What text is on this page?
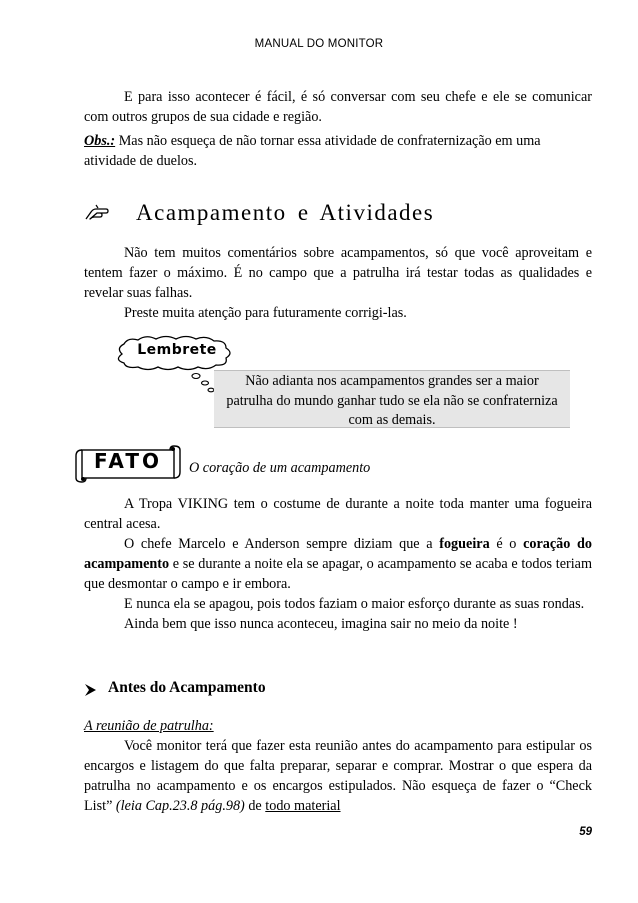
MANUAL DO MONITOR

E para isso acontecer é fácil, é só conversar com seu chefe e ele se comunicar com outros grupos de sua cidade e região.

Obs.: Mas não esqueça de não tornar essa atividade de confraternização em uma atividade de duelos.
Acampamento e Atividades

Não tem muitos comentários sobre acampamentos, só que você aproveitam e tentem fazer o máximo. É no campo que a patrulha irá testar todas as qualidades e revelar suas falhas.

Preste muita atenção para futuramente corrigi-las.

Lembrete
Não adianta nos acampamentos grandes ser a maior patrulha do mundo ganhar tudo se ela não se confraterniza com as demais.
FATO	O coração de um acampamento

A Tropa VIKING tem o costume de durante a noite toda manter uma fogueira central acesa.

O chefe Marcelo e Anderson sempre diziam que a fogueira é o coração do acampamento e se durante a noite ela se apagar, o acampamento se acaba e todos teriam que desmontar o campo e ir embora.

E nunca ela se apagou, pois todos faziam o maior esforço durante as suas rondas.

Ainda bem que isso nunca aconteceu, imagina sair no meio da noite !

Antes do Acampamento
A reunião de patrulha:

Você monitor terá que fazer esta reunião antes do acampamento para estipular os encargos e listagem do que falta preparar, separar e comprar. Mostrar o que espera da patrulha no acampamento e os encargos estipulados. Não esqueça de fazer o “Check List” (leia Cap.23.8 pág.98) de todo material

59
